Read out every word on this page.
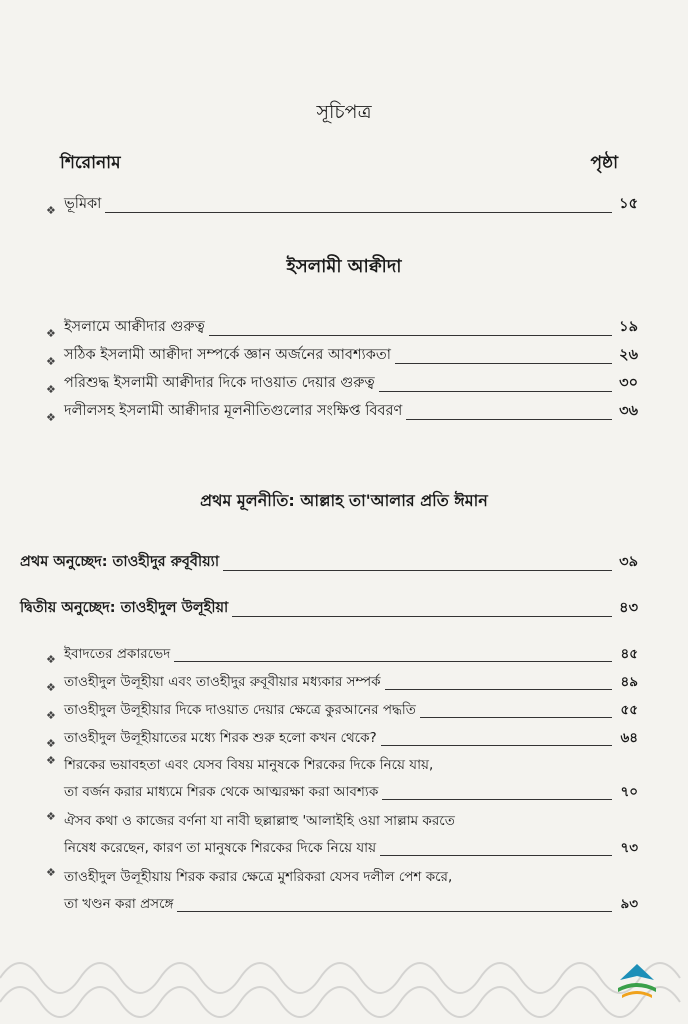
সূচিপত্র
শিরোনাম	পৃষ্ঠা
❖ ভূমিকা	১৫
ইসলামী আক্বীদা
❖ ইসলামে আক্বীদার গুরুত্ব	১৯
❖ সঠিক ইসলামী আক্বীদা সম্পর্কে জ্ঞান অর্জনের আবশ্যকতা	২৬
❖ পরিশুদ্ধ ইসলামী আক্বীদার দিকে দাওয়াত দেয়ার গুরুত্ব	৩০
❖ দলীলসহ ইসলামী আক্বীদার মূলনীতিগুলোর সংক্ষিপ্ত বিবরণ	৩৬
প্রথম মূলনীতি: আল্লাহ তা'আলার প্রতি ঈমান
প্রথম অনুচ্ছেদ: তাওহীদুর রুবূবীয়্যা	৩৯
দ্বিতীয় অনুচ্ছেদ: তাওহীদুল উলূহীয়া	৪৩
❖ ইবাদতের প্রকারভেদ	৪৫
❖ তাওহীদুল উলূহীয়া এবং তাওহীদুর রুবূবীয়ার মধ্যকার সম্পর্ক	৪৯
❖ তাওহীদুল উলূহীয়ার দিকে দাওয়াত দেয়ার ক্ষেত্রে কুরআনের পদ্ধতি	৫৫
❖ তাওহীদুল উলূহীয়াতের মধ্যে শিরক শুরু হলো কখন থেকে?	৬৪
❖ শিরকের ভয়াবহতা এবং যেসব বিষয় মানুষকে শিরকের দিকে নিয়ে যায়,
তা বর্জন করার মাধ্যমে শিরক থেকে আত্মরক্ষা করা আবশ্যক	৭০
❖ ঐসব কথা ও কাজের বর্ণনা যা নাবী ছল্লাল্লাহু 'আলাইহি ওয়া সাল্লাম করতে
নিষেধ করেছেন, কারণ তা মানুষকে শিরকের দিকে নিয়ে যায়	৭৩
❖ তাওহীদুল উলূহীয়ায় শিরক করার ক্ষেত্রে মুশরিকরা যেসব দলীল পেশ করে,
তা খণ্ডন করা প্রসঙ্গে	৯৩
